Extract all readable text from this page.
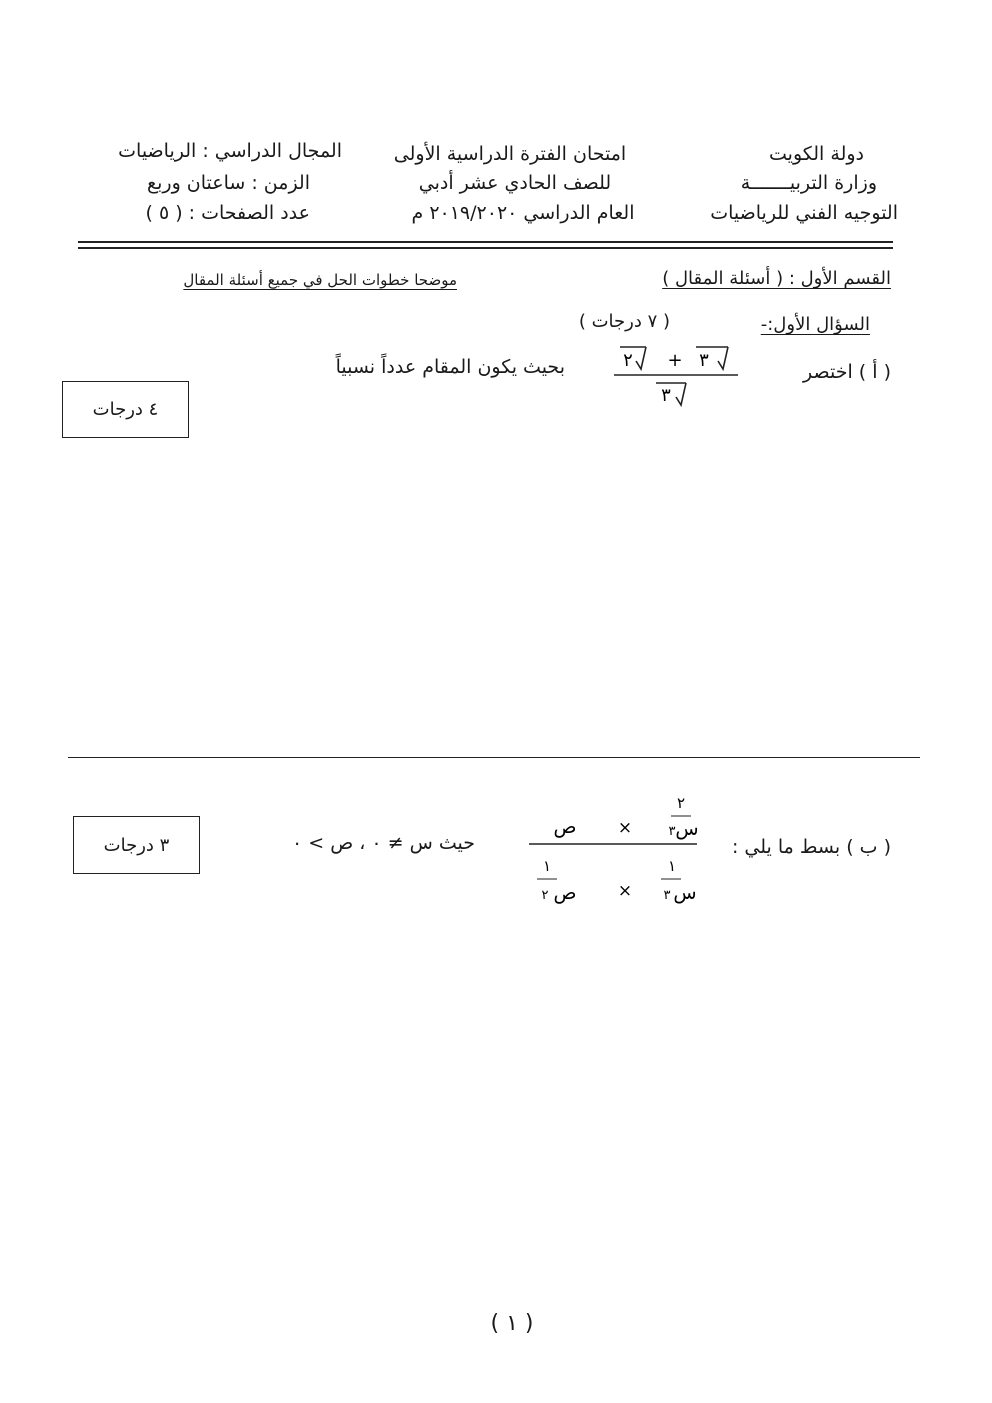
دولة الكويت
وزارة التربيـــــــة
التوجيه الفني للرياضيات
امتحان الفترة الدراسية الأولى
للصف الحادي عشر أدبي
العام الدراسي ٢٠١٩/٢٠٢٠ م
المجال الدراسي : الرياضيات
الزمن : ساعتان وربع
عدد الصفحات : ( ٥ )
القسم الأول : ( أسئلة المقال )
موضحا خطوات الحل في جميع أسئلة المقال
السؤال الأول:-
( ٧ درجات )
( أ ) اختصر
بحيث يكون المقام عدداً نسبياً	٢ + ٣
٣
٤ درجات
( ب ) بسط ما يلي :
حيث س ≠ ٠ ، ص > ٠
٢
س
٣
×
ص
١
س
٣
×
١
ص
٢
٣ درجات
( ١ )
